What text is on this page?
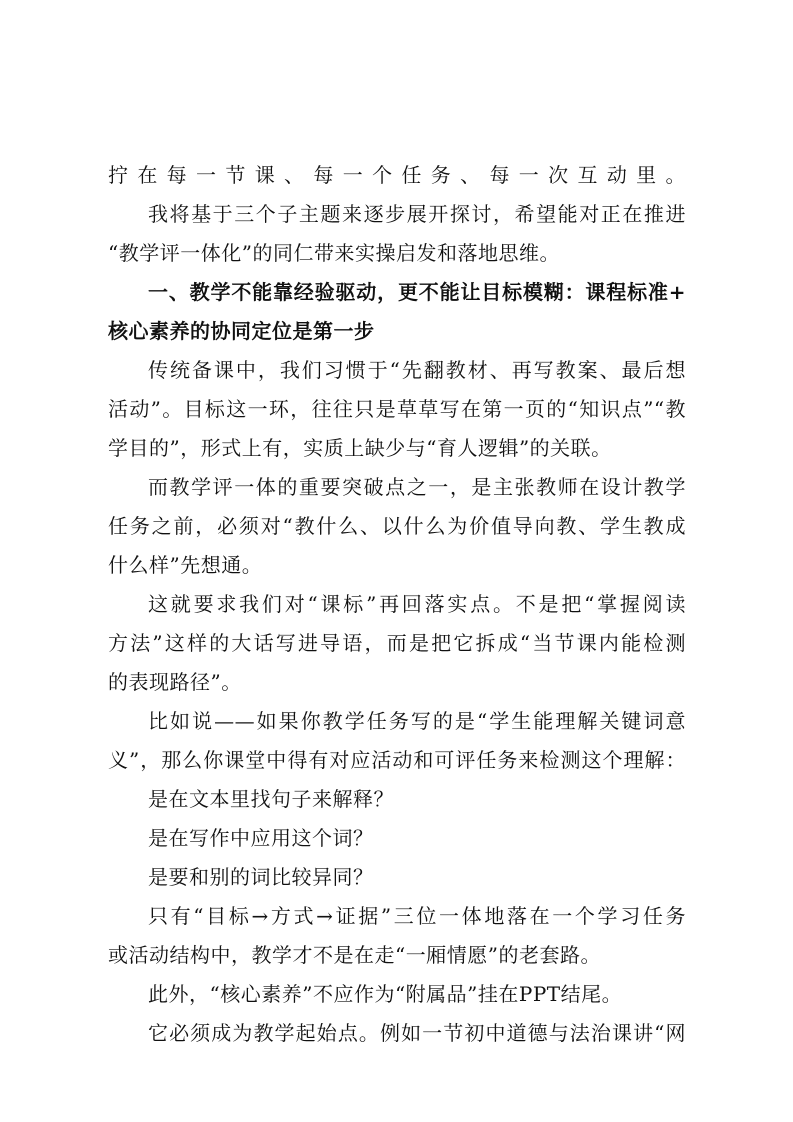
拧在每一节课、每一个任务、每一次互动里。
我将基于三个子主题来逐步展开探讨，希望能对正在推进
“教学评一体化”的同仁带来实操启发和落地思维。
一、教学不能靠经验驱动，更不能让目标模糊：课程标准+
核心素养的协同定位是第一步
传统备课中，我们习惯于“先翻教材、再写教案、最后想
活动”。目标这一环，往往只是草草写在第一页的“知识点”“教
学目的”，形式上有，实质上缺少与“育人逻辑”的关联。
而教学评一体的重要突破点之一，是主张教师在设计教学
任务之前，必须对“教什么、以什么为价值导向教、学生教成
什么样”先想通。
这就要求我们对“课标”再回落实点。不是把“掌握阅读
方法”这样的大话写进导语，而是把它拆成“当节课内能检测
的表现路径”。
比如说——如果你教学任务写的是“学生能理解关键词意
义”，那么你课堂中得有对应活动和可评任务来检测这个理解：
是在文本里找句子来解释？
是在写作中应用这个词？
是要和别的词比较异同？
只有“目标→方式→证据”三位一体地落在一个学习任务
或活动结构中，教学才不是在走“一厢情愿”的老套路。
此外，“核心素养”不应作为“附属品”挂在PPT结尾。
它必须成为教学起始点。例如一节初中道德与法治课讲“网
